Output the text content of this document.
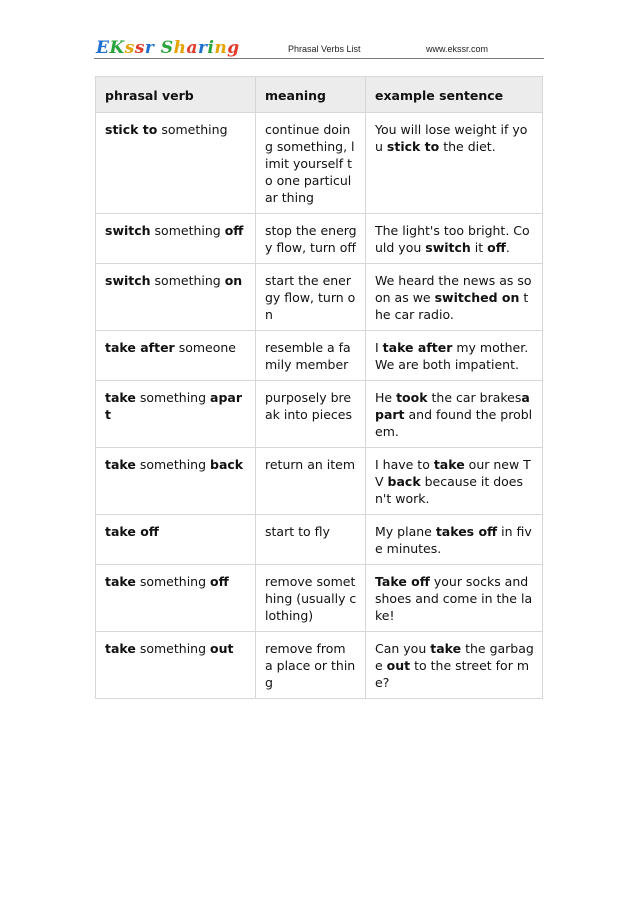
EKssr Sharing	Phrasal Verbs List	www.ekssr.com
phrasal verb	meaning	example sentence
stick to something	continue doing something, limit yourself to one particular thing	You will lose weight if you stick to the diet.
switch something off	stop the energy flow, turn off	The light's too bright. Could you switch it off.
switch something on	start the energy flow, turn on	We heard the news as soon as we switched on the car radio.
take after someone	resemble a family member	I take after my mother. We are both impatient.
take something apart	purposely break into pieces	He took the car brakesapart and found the problem.
take something back	return an item	I have to take our new TV back because it doesn't work.
take off	start to fly	My plane takes off in five minutes.
take something off	remove something (usually clothing)	Take off your socks and shoes and come in the lake!
take something out	remove from a place or thing	Can you take the garbage out to the street for me?
